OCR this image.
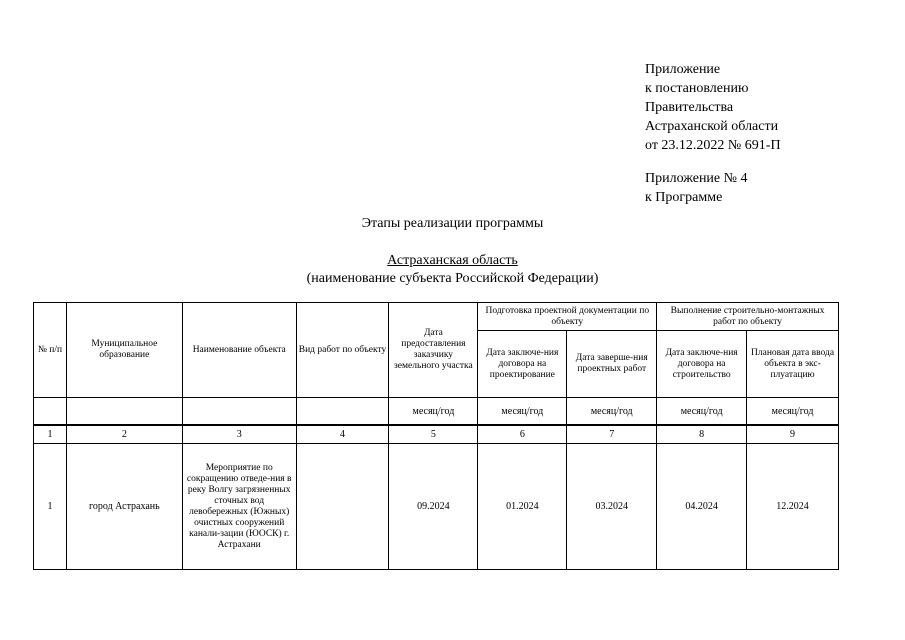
Приложение
к постановлению
Правительства
Астраханской области
от 23.12.2022 № 691-П
Приложение № 4
к Программе
Этапы реализации программы
Астраханская область
(наименование субъекта Российской Федерации)
№ п/п	Муниципальное образование	Наименование объекта	Вид работ по объекту	Дата предоставления заказчику земельного участка	Подготовка проектной документации по объекту		Выполнение строительно-монтажных работ по объекту	
					Дата заключе-ния договора на проектирование	Дата заверше-ния проектных работ	Дата заключе-ния договора на строительство	Плановая дата ввода объекта в экс-плуатацию
				месяц/год	месяц/год	месяц/год	месяц/год	месяц/год
1	2	3	4	5	6	7	8	9
1	город Астрахань	Мероприятие по сокращению отведе-ния в реку Волгу загрязненных сточных вод левобережных (Южных) очистных сооружений канали-зации (ЮОСК) г. Астрахани		09.2024	01.2024	03.2024	04.2024	12.2024
